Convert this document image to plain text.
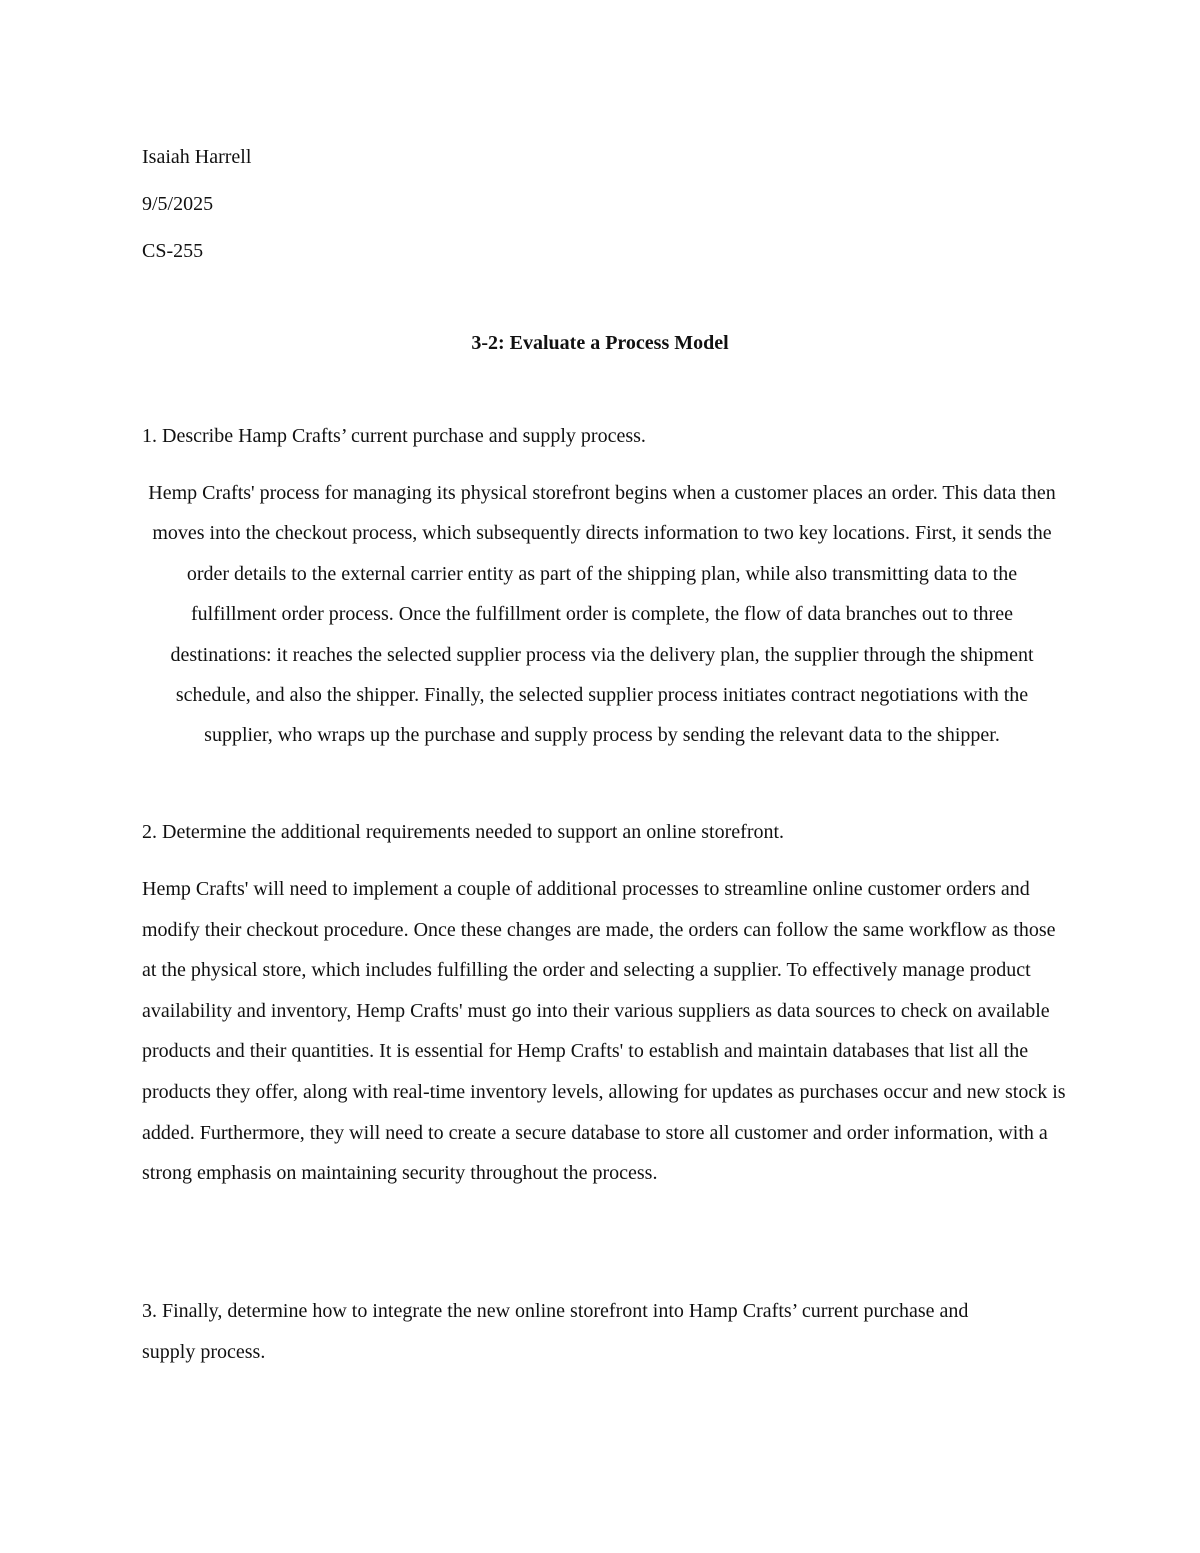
Isaiah Harrell

9/5/2025

CS-255

3-2: Evaluate a Process Model

1. Describe Hamp Crafts’ current purchase and supply process.

Hemp Crafts' process for managing its physical storefront begins when a customer places an order. This data then moves into the checkout process, which subsequently directs information to two key locations. First, it sends the order details to the external carrier entity as part of the shipping plan, while also transmitting data to the fulfillment order process. Once the fulfillment order is complete, the flow of data branches out to three destinations: it reaches the selected supplier process via the delivery plan, the supplier through the shipment schedule, and also the shipper. Finally, the selected supplier process initiates contract negotiations with the supplier, who wraps up the purchase and supply process by sending the relevant data to the shipper.

2. Determine the additional requirements needed to support an online storefront.

Hemp Crafts' will need to implement a couple of additional processes to streamline online customer orders and modify their checkout procedure. Once these changes are made, the orders can follow the same workflow as those at the physical store, which includes fulfilling the order and selecting a supplier. To effectively manage product availability and inventory, Hemp Crafts' must go into their various suppliers as data sources to check on available products and their quantities. It is essential for Hemp Crafts' to establish and maintain databases that list all the products they offer, along with real-time inventory levels, allowing for updates as purchases occur and new stock is added. Furthermore, they will need to create a secure database to store all customer and order information, with a strong emphasis on maintaining security throughout the process.

3. Finally, determine how to integrate the new online storefront into Hamp Crafts’ current purchase and supply process.
